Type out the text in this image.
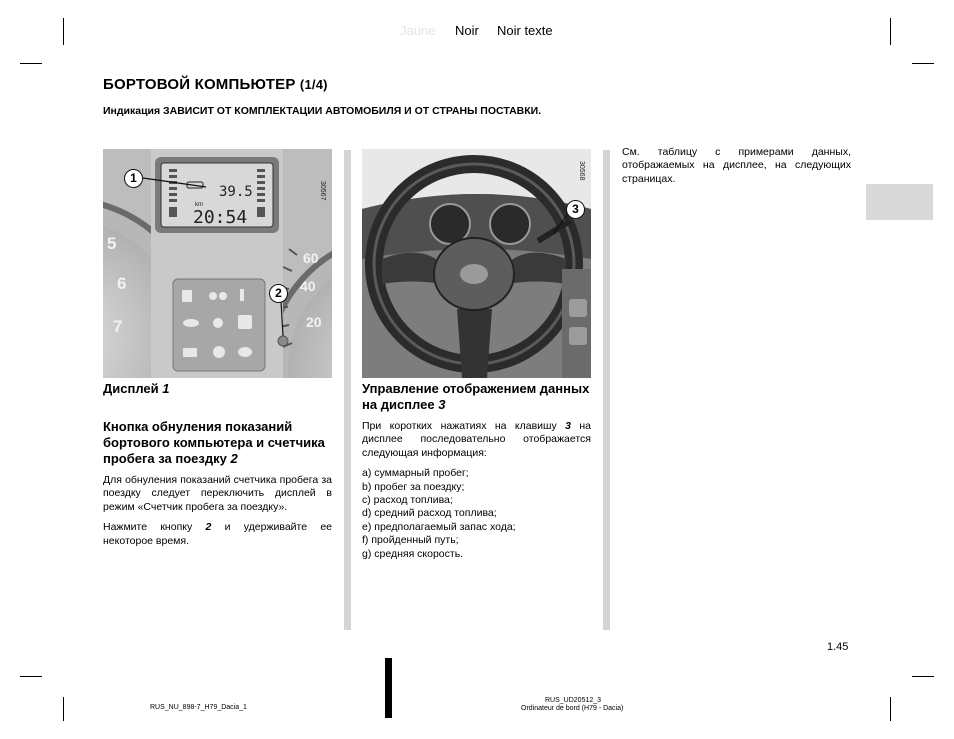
Jaune Noir Noir texte
БОРТОВОЙ КОМПЬЮТЕР (1/4)
Индикация ЗАВИСИТ ОТ КОМПЛЕКТАЦИИ АВТОМОБИЛЯ И ОТ СТРАНЫ ПОСТАВКИ.
39.5
km
20:54
5
6
7
60
40
20
30567
1
2
30568
3
Дисплей 1
Кнопка обнуления показаний бортового компьютера и счетчика пробега за поездку 2
Для обнуления показаний счетчика пробега за поездку следует переключить дисплей в режим «Счетчик пробега за поездку».
Нажмите кнопку 2 и удерживайте ее некоторое время.
Управление отображением данных на дисплее 3
При коротких нажатиях на клавишу 3 на дисплее последовательно отображается следующая информация:
a) суммарный пробег;
b) пробег за поездку;
c) расход топлива;
d) средний расход топлива;
e) предполагаемый запас хода;
f) пройденный путь;
g) средняя скорость.
См. таблицу с примерами данных, отображаемых на дисплее, на следующих страницах.
1.45
RUS_NU_898-7_H79_Dacia_1
RUS_UD20512_3
Ordinateur de bord (H79 - Dacia)
